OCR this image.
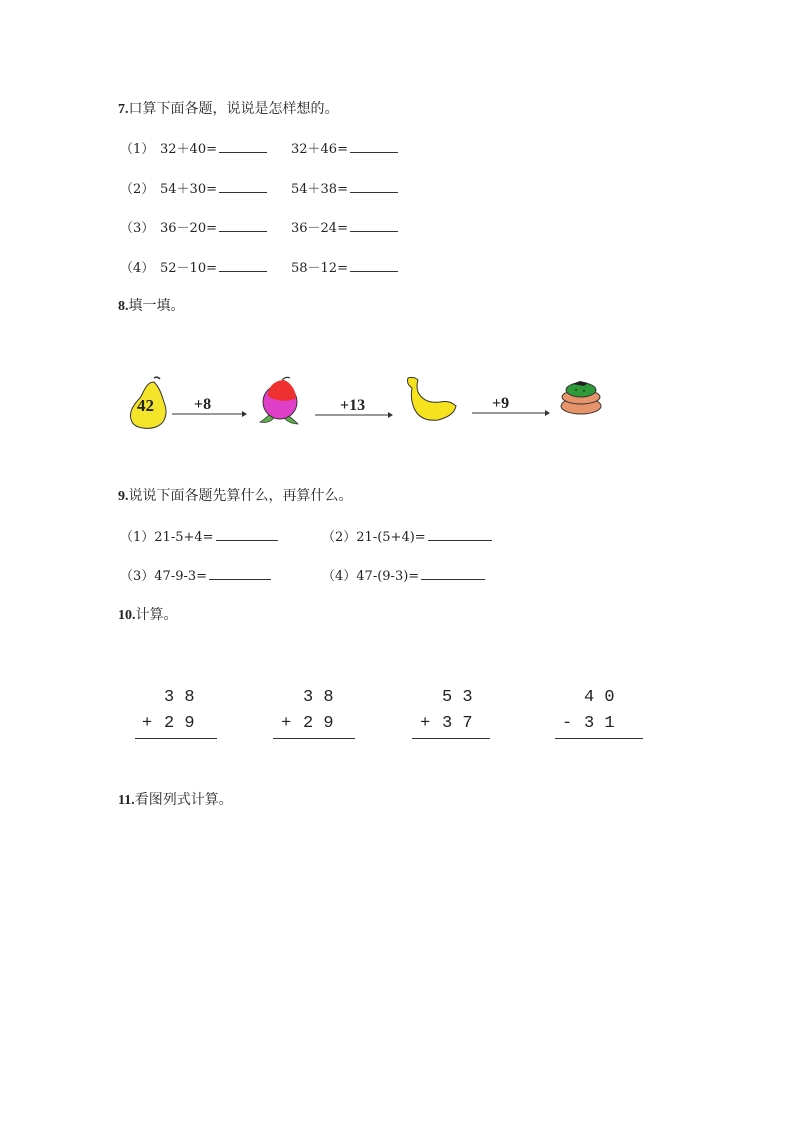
7.口算下面各题，说说是怎样想的。
（1） 32＋40=	32＋46=
（2） 54＋30=	54＋38=
（3） 36－20=	36－24=
（4） 52－10=	58－12=
8.填一填。
42	+8	+13	+9
9.说说下面各题先算什么，再算什么。
（1） 21-5+4=	（2） 21-(5+4)=
（3） 47-9-3=	（4） 47-(9-3)=
10.计算。
3 8
+ 2 9
3 8
+ 2 9
5 3
+ 3 7
4 0
- 3 1
11.看图列式计算。
